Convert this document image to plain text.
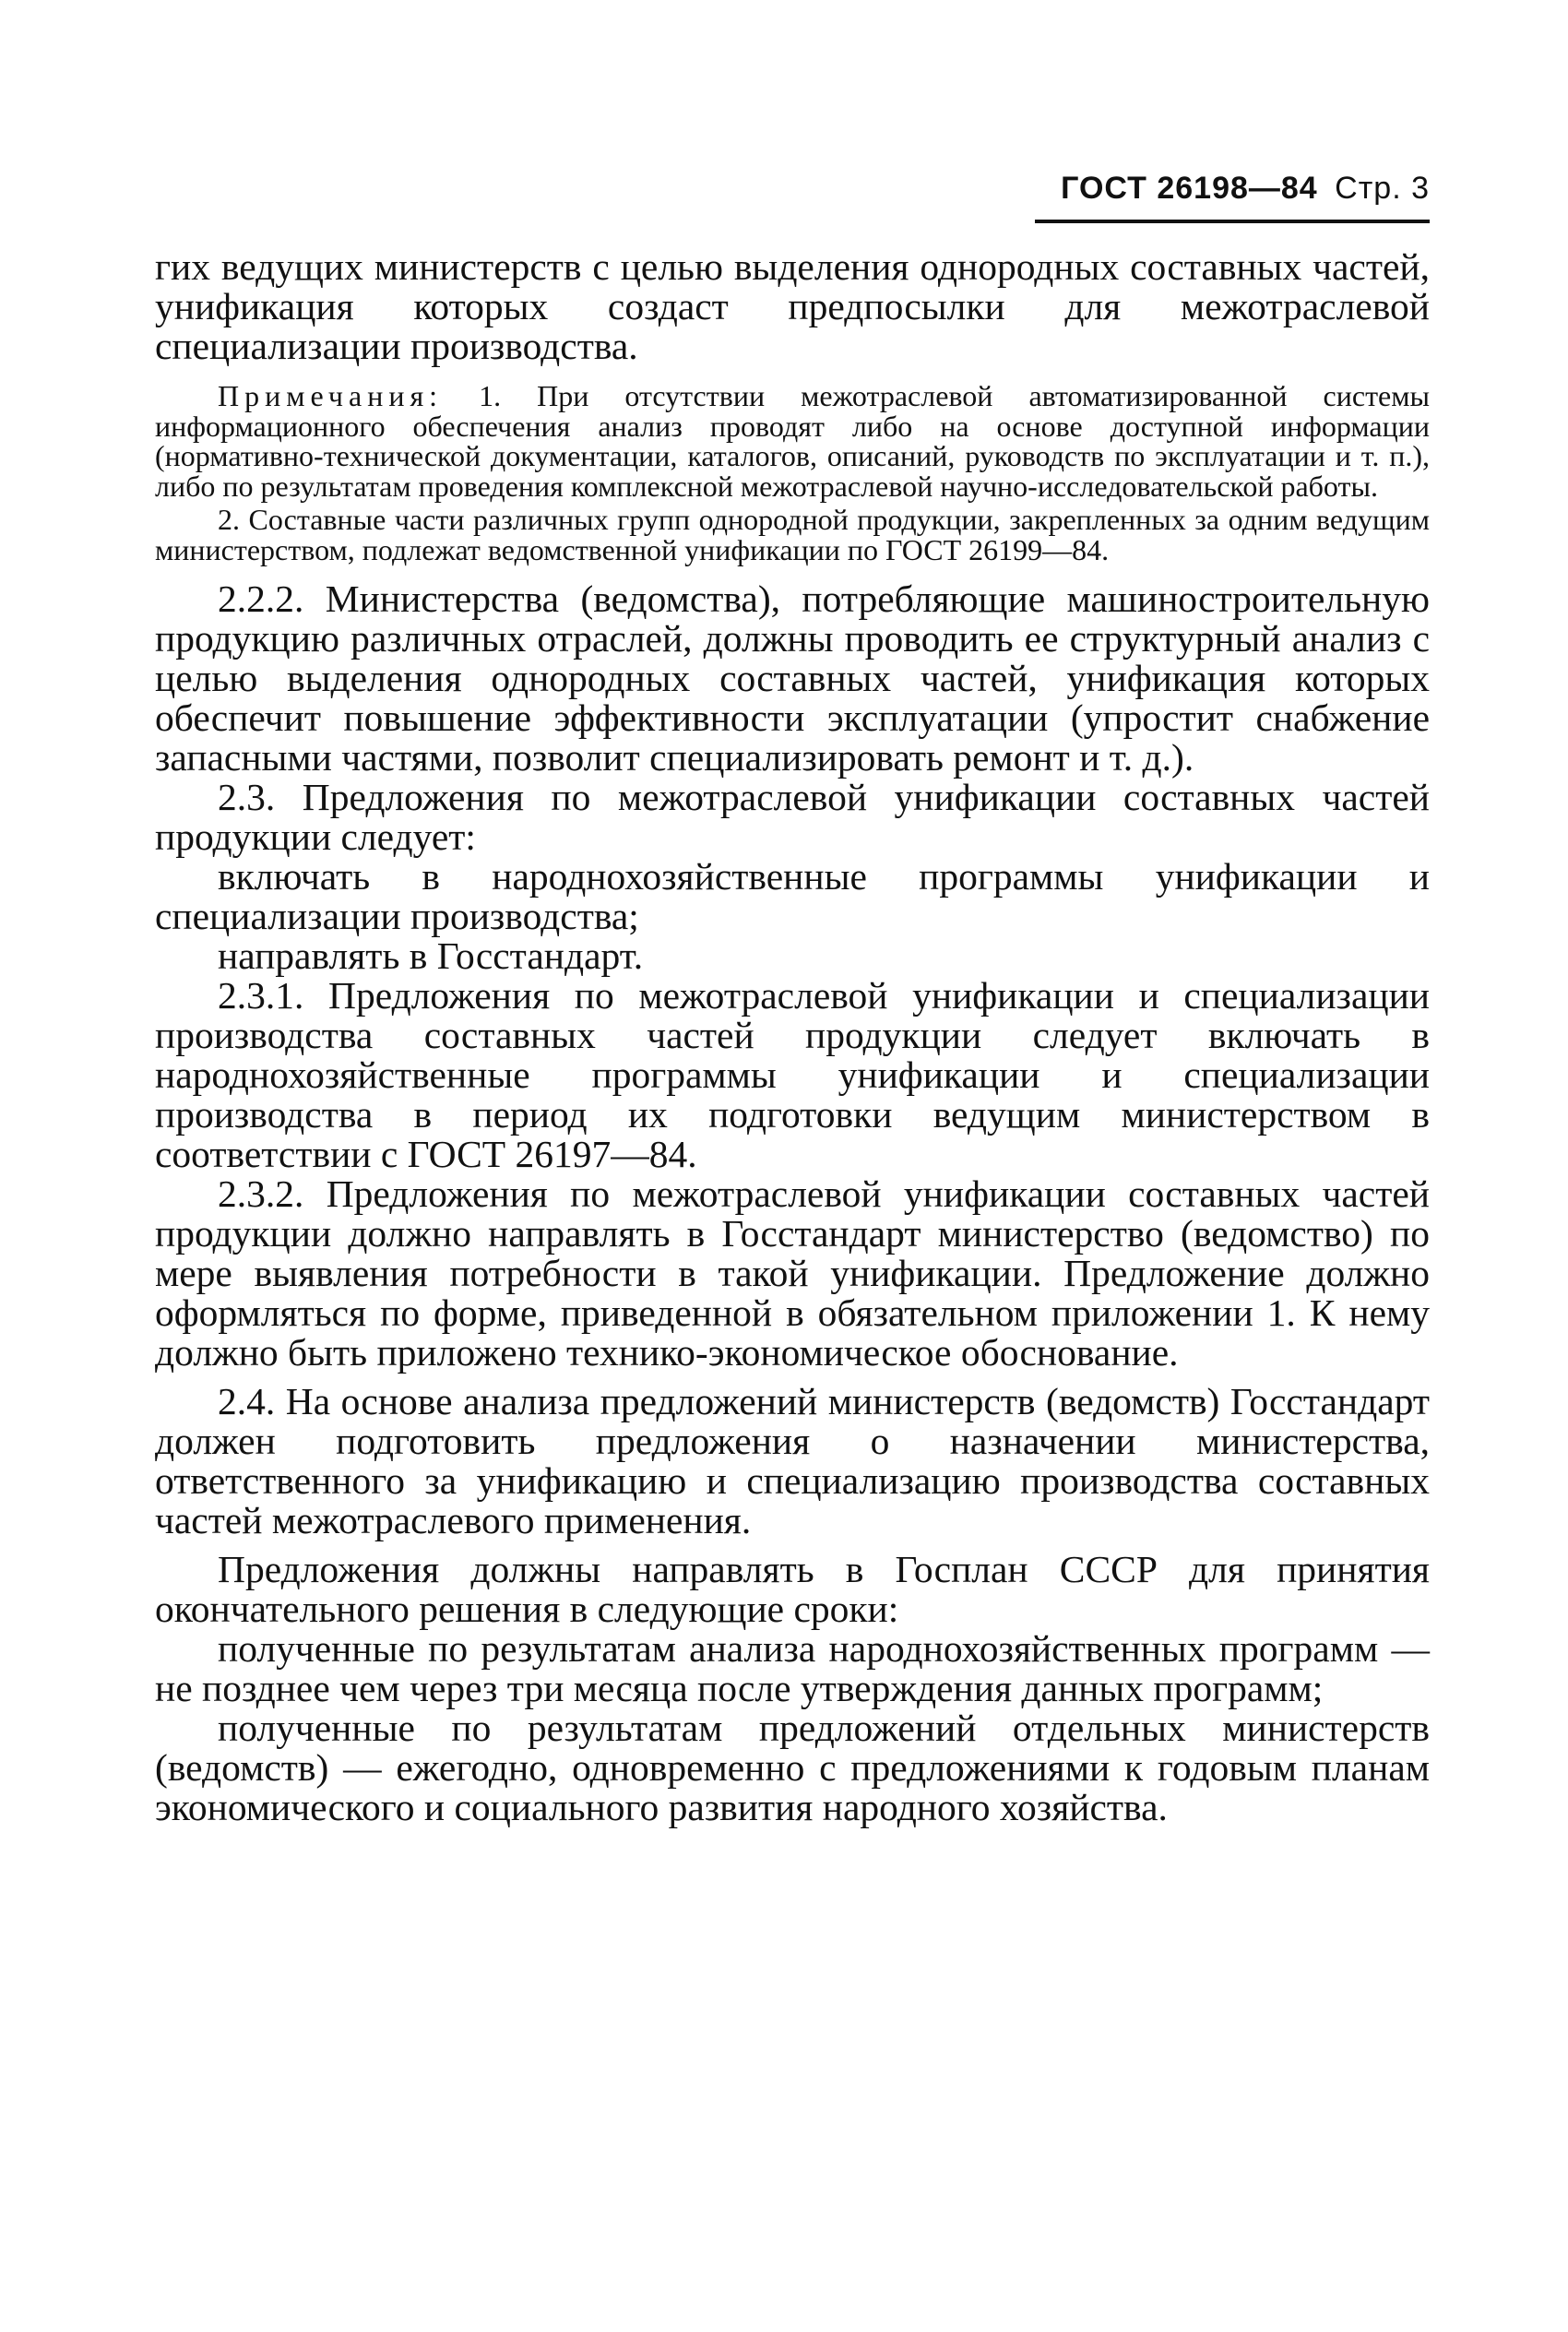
ГОСТ 26198—84 Стр. 3

гих ведущих министерств с целью выделения однородных составных частей, унификация которых создаст предпосылки для межотраслевой специализации производства.

Примечания: 1. При отсутствии межотраслевой автоматизированной системы информационного обеспечения анализ проводят либо на основе доступной информации (нормативно-технической документации, каталогов, описаний, руководств по эксплуатации и т. п.), либо по результатам проведения комплексной межотраслевой научно-исследовательской работы.

2. Составные части различных групп однородной продукции, закрепленных за одним ведущим министерством, подлежат ведомственной унификации по ГОСТ 26199—84.

2.2.2. Министерства (ведомства), потребляющие машиностроительную продукцию различных отраслей, должны проводить ее структурный анализ с целью выделения однородных составных частей, унификация которых обеспечит повышение эффективности эксплуатации (упростит снабжение запасными частями, позволит специализировать ремонт и т. д.).

2.3. Предложения по межотраслевой унификации составных частей продукции следует:

включать в народнохозяйственные программы унификации и специализации производства;

направлять в Госстандарт.

2.3.1. Предложения по межотраслевой унификации и специализации производства составных частей продукции следует включать в народнохозяйственные программы унификации и специализации производства в период их подготовки ведущим министерством в соответствии с ГОСТ 26197—84.

2.3.2. Предложения по межотраслевой унификации составных частей продукции должно направлять в Госстандарт министерство (ведомство) по мере выявления потребности в такой унификации. Предложение должно оформляться по форме, приведенной в обязательном приложении 1. К нему должно быть приложено технико-экономическое обоснование.

2.4. На основе анализа предложений министерств (ведомств) Госстандарт должен подготовить предложения о назначении министерства, ответственного за унификацию и специализацию производства составных частей межотраслевого применения.

Предложения должны направлять в Госплан СССР для принятия окончательного решения в следующие сроки:

полученные по результатам анализа народнохозяйственных программ — не позднее чем через три месяца после утверждения данных программ;

полученные по результатам предложений отдельных министерств (ведомств) — ежегодно, одновременно с предложениями к годовым планам экономического и социального развития народного хозяйства.
